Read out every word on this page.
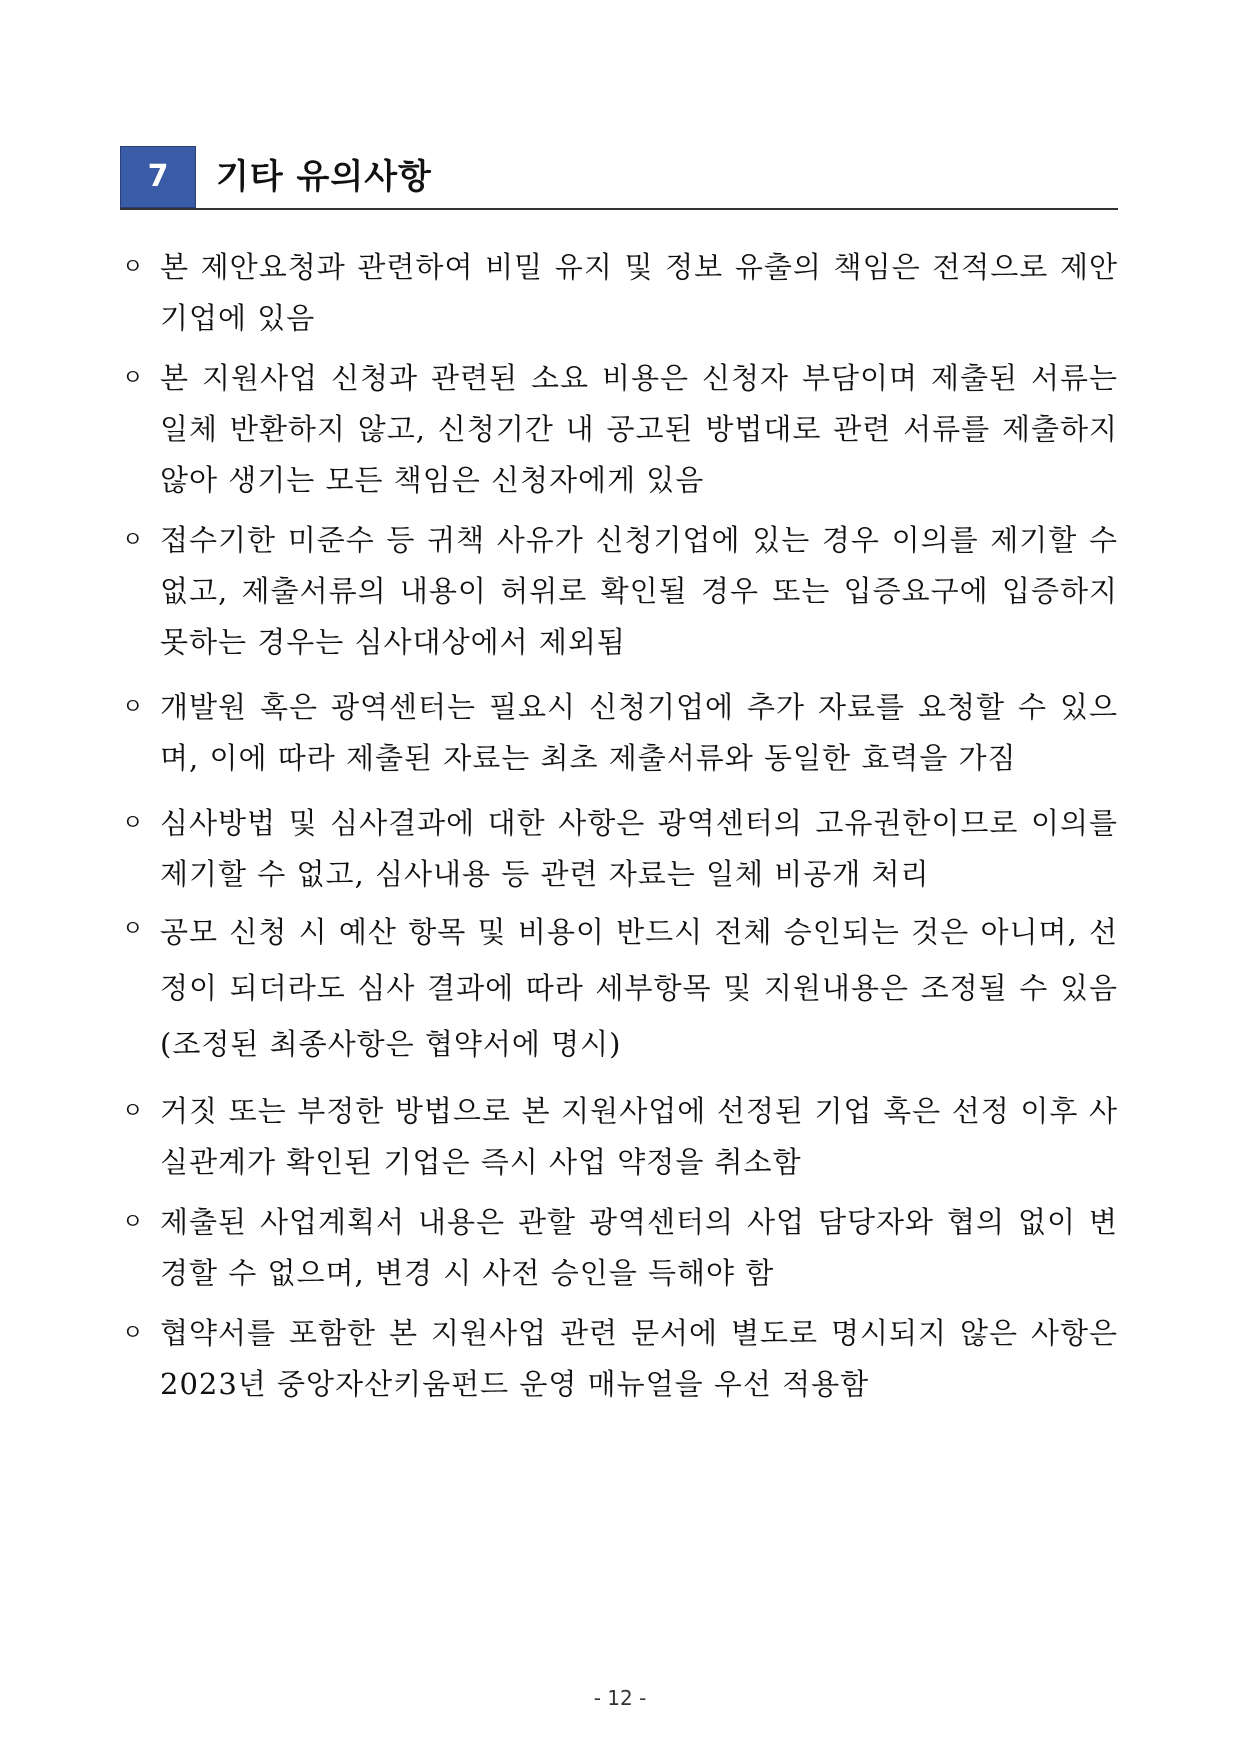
7	기타 유의사항
ㅇ 본 제안요청과 관련하여 비밀 유지 및 정보 유출의 책임은 전적으로 제안 기업에 있음
ㅇ 본 지원사업 신청과 관련된 소요 비용은 신청자 부담이며 제출된 서류는 일체 반환하지 않고, 신청기간 내 공고된 방법대로 관련 서류를 제출하지 않아 생기는 모든 책임은 신청자에게 있음
ㅇ 접수기한 미준수 등 귀책 사유가 신청기업에 있는 경우 이의를 제기할 수 없고, 제출서류의 내용이 허위로 확인될 경우 또는 입증요구에 입증하지 못하는 경우는 심사대상에서 제외됨
ㅇ 개발원 혹은 광역센터는 필요시 신청기업에 추가 자료를 요청할 수 있으며, 이에 따라 제출된 자료는 최초 제출서류와 동일한 효력을 가짐
ㅇ 심사방법 및 심사결과에 대한 사항은 광역센터의 고유권한이므로 이의를 제기할 수 없고, 심사내용 등 관련 자료는 일체 비공개 처리
ㅇ 공모 신청 시 예산 항목 및 비용이 반드시 전체 승인되는 것은 아니며, 선정이 되더라도 심사 결과에 따라 세부항목 및 지원내용은 조정될 수 있음(조정된 최종사항은 협약서에 명시)
ㅇ 거짓 또는 부정한 방법으로 본 지원사업에 선정된 기업 혹은 선정 이후 사실관계가 확인된 기업은 즉시 사업 약정을 취소함
ㅇ 제출된 사업계획서 내용은 관할 광역센터의 사업 담당자와 협의 없이 변경할 수 없으며, 변경 시 사전 승인을 득해야 함
ㅇ 협약서를 포함한 본 지원사업 관련 문서에 별도로 명시되지 않은 사항은 2023년 중앙자산키움펀드 운영 매뉴얼을 우선 적용함
- 12 -
